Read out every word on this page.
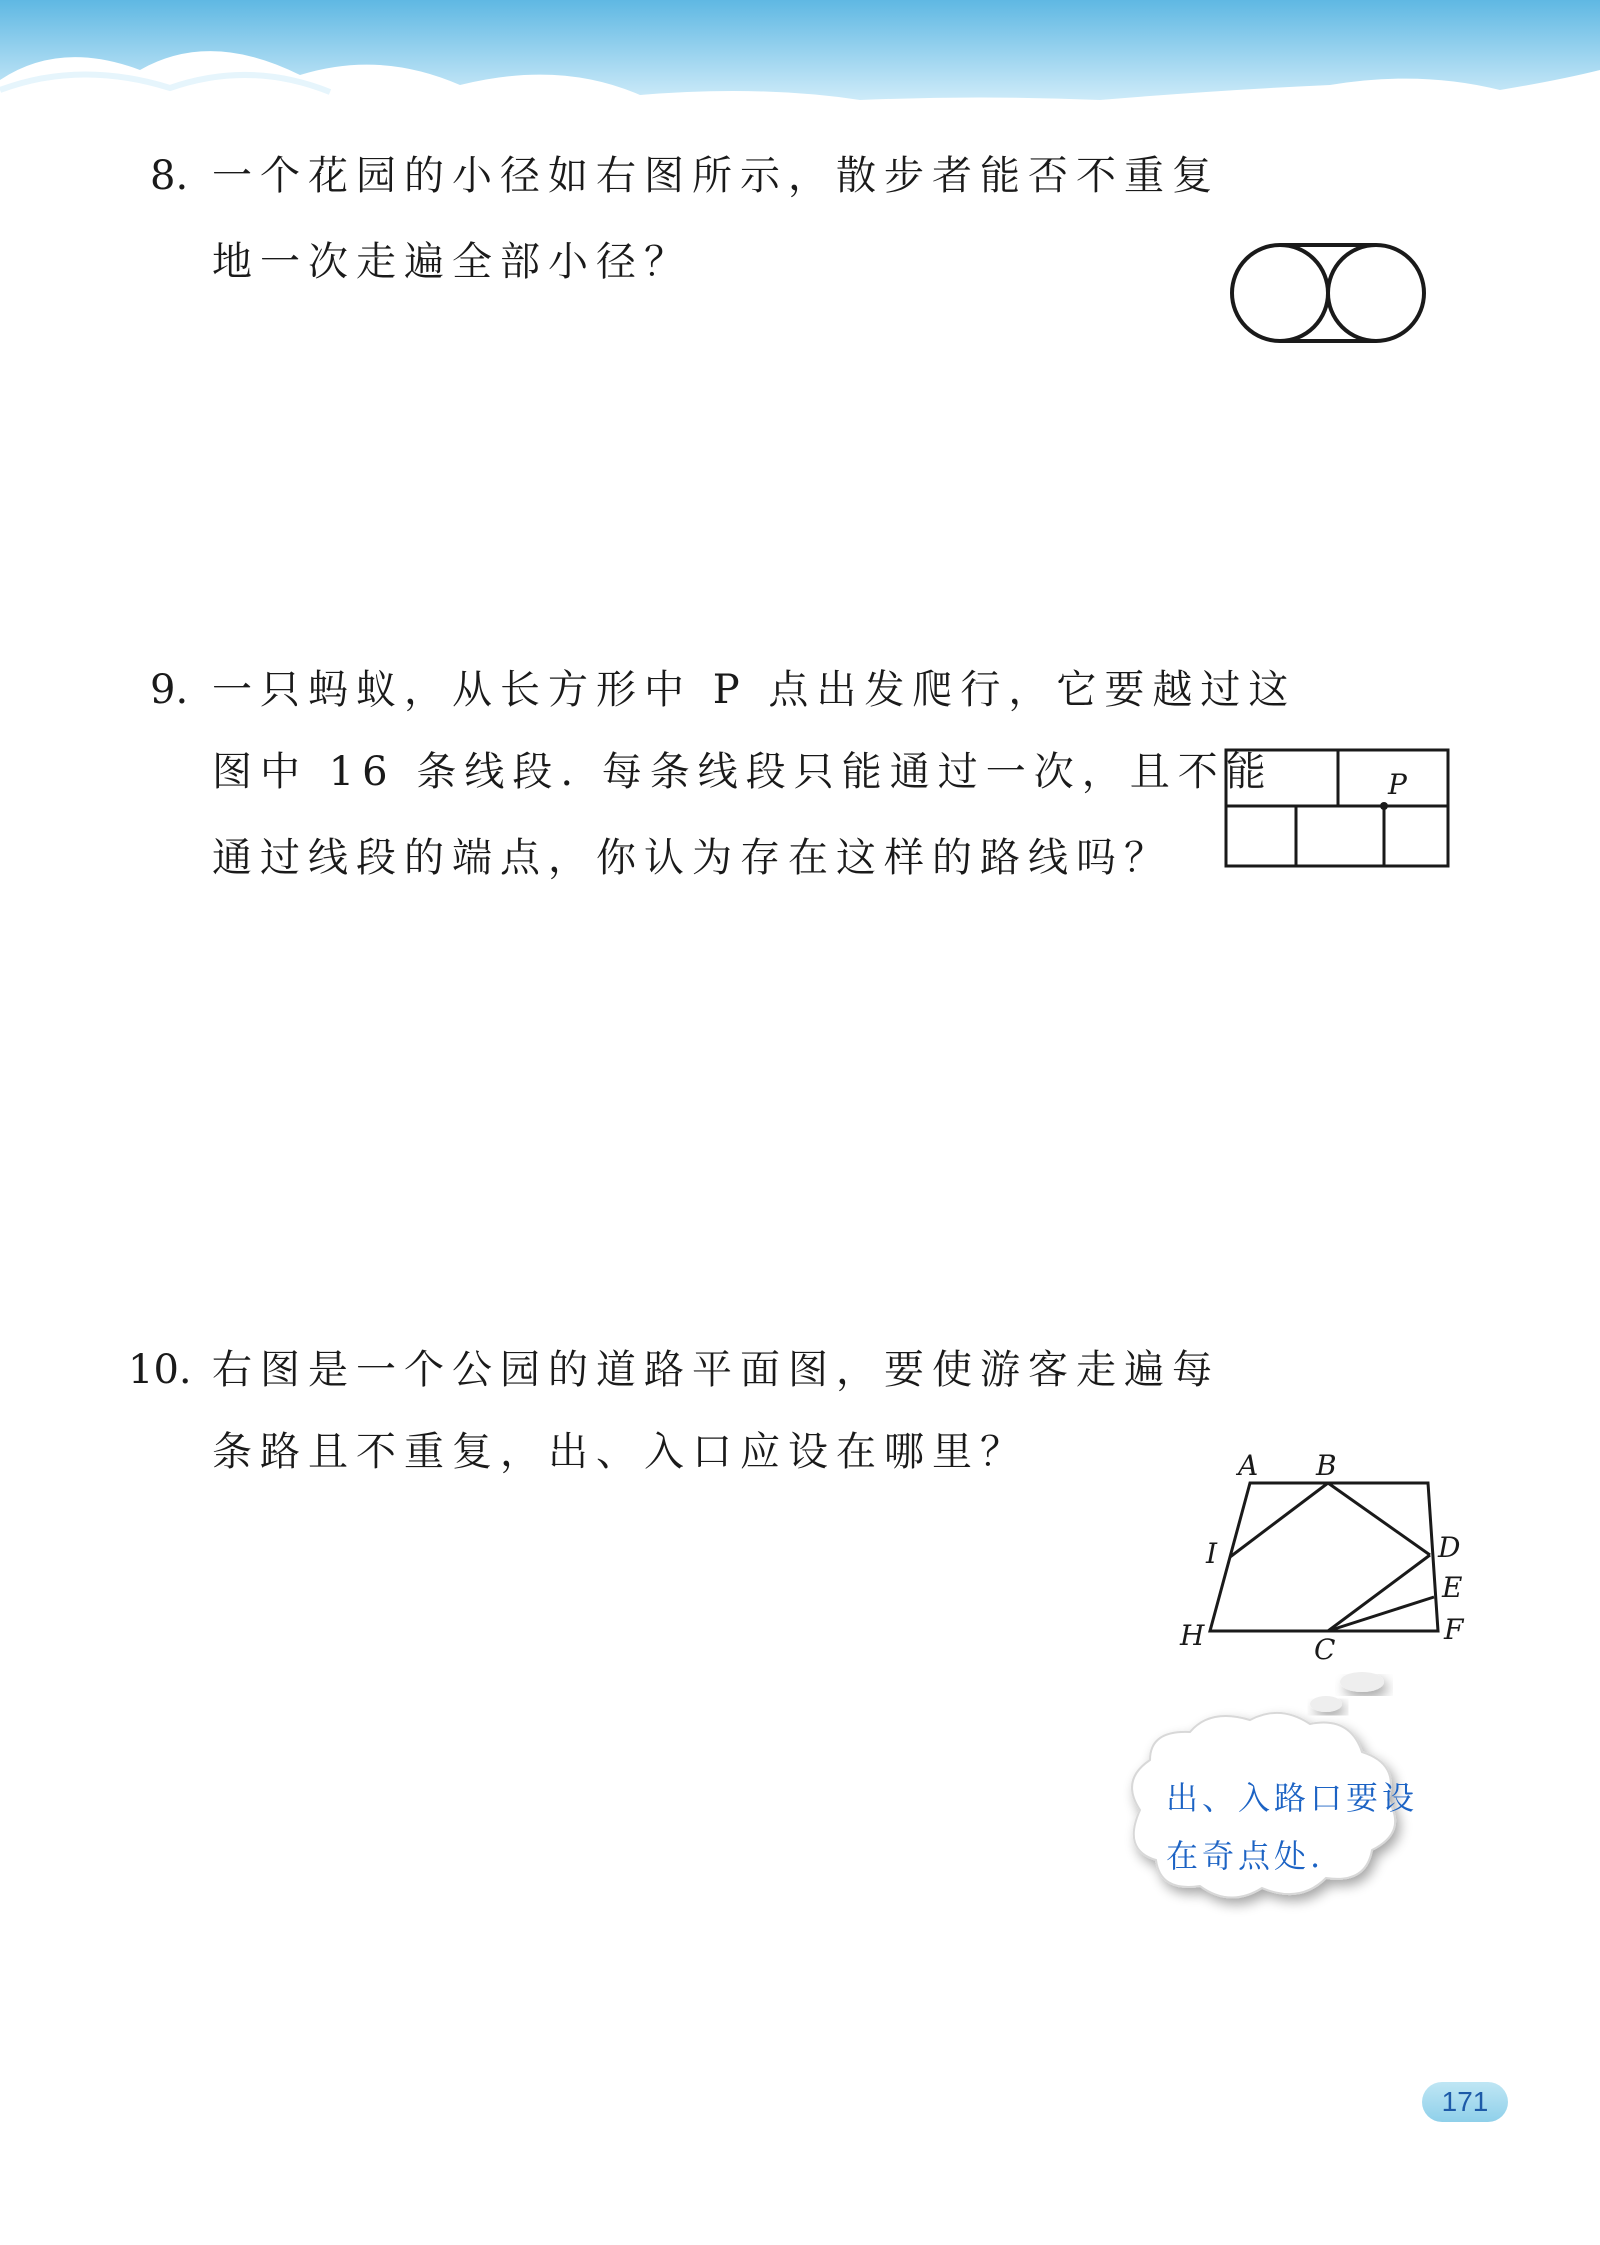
8. 一个花园的小径如右图所示，散步者能否不重复
地一次走遍全部小径？
9. 一只蚂蚁，从长方形中 P 点出发爬行，它要越过这
图中 16 条线段. 每条线段只能通过一次，且不能
通过线段的端点，你认为存在这样的路线吗？
P
10. 右图是一个公园的道路平面图，要使游客走遍每
条路且不重复，出、入口应设在哪里？	A B
I	D
E
H	C
F
出、入路口要设
在奇点处.
171
